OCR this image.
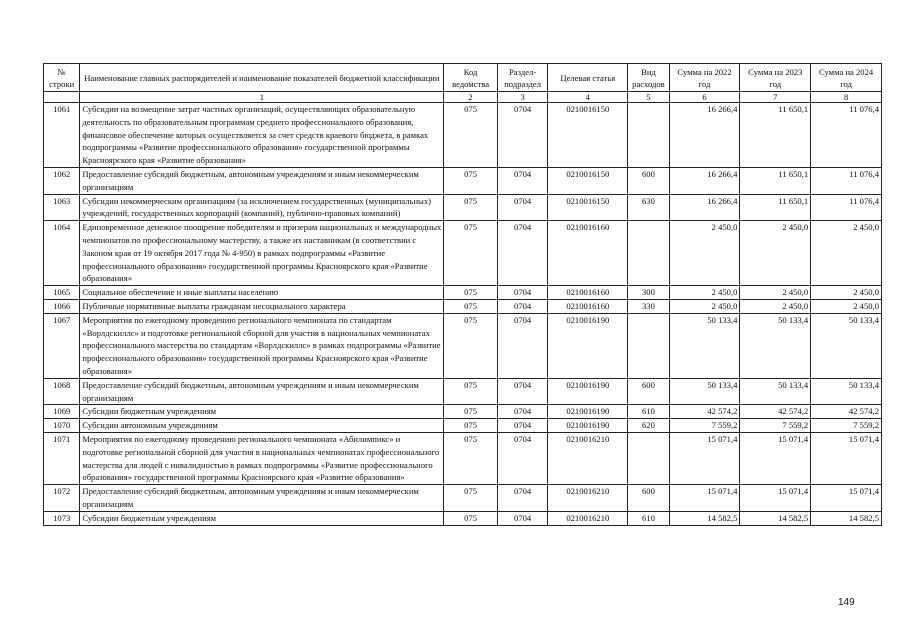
№ строки	Наименование главных распорядителей и наименование показателей бюджетной классификации	Код ведомства	Раздел-подраздел	Целевая статья	Вид расходов	Сумма на 2022 год	Сумма на 2023 год	Сумма на 2024 год
	1	2	3	4	5	6	7	8
1061	Субсидии на возмещение затрат частных организаций, осуществляющих образовательную деятельность по образовательным программам среднего профессионального образования, финансовое обеспечение которых осуществляется за счет средств краевого бюджета, в рамках подпрограммы «Развитие профессионального образования» государственной программы Красноярского края «Развитие образования»	075	0704	0210016150		16 266,4	11 650,1	11 076,4
1062	Предоставление субсидий бюджетным, автономным учреждениям и иным некоммерческим организациям	075	0704	0210016150	600	16 266,4	11 650,1	11 076,4
1063	Субсидии некоммерческим организациям (за исключением государственных (муниципальных) учреждений, государственных корпораций (компаний), публично-правовых компаний)	075	0704	0210016150	630	16 266,4	11 650,1	11 076,4
1064	Единовременное денежное поощрение победителям и призерам национальных и международных чемпионатов по профессиональному мастерству, а также их наставникам (в соответствии с Законом края от 19 октября 2017 года № 4-950) в рамках подпрограммы «Развитие профессионального образования» государственной программы Красноярского края «Развитие образования»	075	0704	0210016160		2 450,0	2 450,0	2 450,0
1065	Социальное обеспечение и иные выплаты населению	075	0704	0210016160	300	2 450,0	2 450,0	2 450,0
1066	Публичные нормативные выплаты гражданам несоциального характера	075	0704	0210016160	330	2 450,0	2 450,0	2 450,0
1067	Мероприятия по ежегодному проведению регионального чемпионата по стандартам «Ворлдскиллс» и подготовке региональной сборной для участия в национальных чемпионатах профессионального мастерства по стандартам «Ворлдскиллс» в рамках подпрограммы «Развитие профессионального образования» государственной программы Красноярского края «Развитие образования»	075	0704	0210016190		50 133,4	50 133,4	50 133,4
1068	Предоставление субсидий бюджетным, автономным учреждениям и иным некоммерческим организациям	075	0704	0210016190	600	50 133,4	50 133,4	50 133,4
1069	Субсидии бюджетным учреждениям	075	0704	0210016190	610	42 574,2	42 574,2	42 574,2
1070	Субсидии автономным учреждениям	075	0704	0210016190	620	7 559,2	7 559,2	7 559,2
1071	Мероприятия по ежегодному проведению регионального чемпионата «Абилимпикс» и подготовке региональной сборной для участия в национальных чемпионатах профессионального мастерства для людей с инвалидностью в рамках подпрограммы «Развитие профессионального образования» государственной программы Красноярского края «Развитие образования»	075	0704	0210016210		15 071,4	15 071,4	15 071,4
1072	Предоставление субсидий бюджетным, автономным учреждениям и иным некоммерческим организациям	075	0704	0210016210	600	15 071,4	15 071,4	15 071,4
1073	Субсидии бюджетным учреждениям	075	0704	0210016210	610	14 582,5	14 582,5	14 582,5
149
